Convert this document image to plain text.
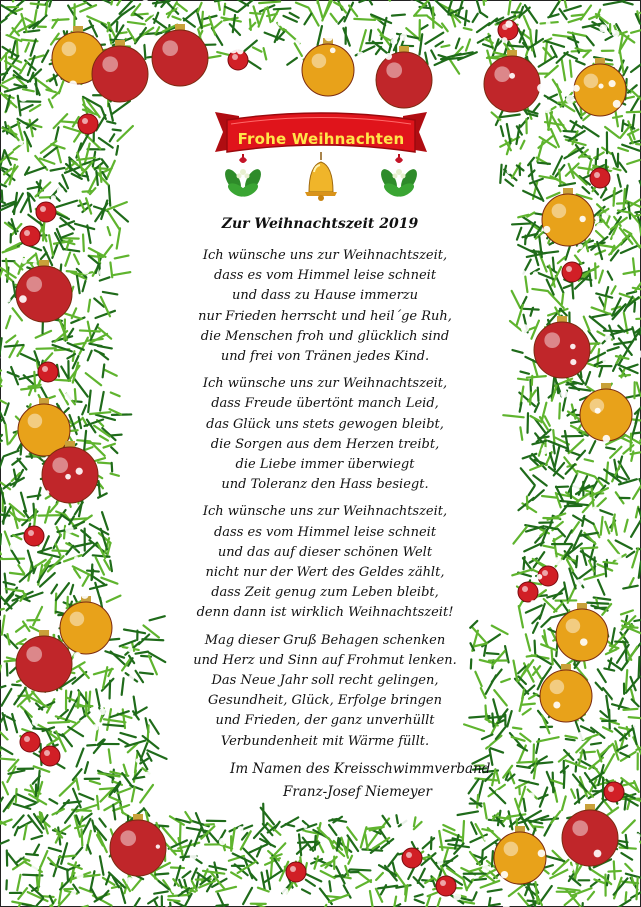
Frohe Weihnachten
Zur Weihnachtszeit 2019
Ich wünsche uns zur Weihnachtszeit,
dass es vom Himmel leise schneit
und dass zu Hause immerzu
nur Frieden herrscht und heil´ge Ruh,
die Menschen froh und glücklich sind
und frei von Tränen jedes Kind.
Ich wünsche uns zur Weihnachtszeit,
dass Freude übertönt manch Leid,
das Glück uns stets gewogen bleibt,
die Sorgen aus dem Herzen treibt,
die Liebe immer überwiegt
und Toleranz den Hass besiegt.
Ich wünsche uns zur Weihnachtszeit,
dass es vom Himmel leise schneit
und das auf dieser schönen Welt
nicht nur der Wert des Geldes zählt,
dass Zeit genug zum Leben bleibt,
denn dann ist wirklich Weihnachtszeit!
Mag dieser Gruß Behagen schenken
und Herz und Sinn auf Frohmut lenken.
Das Neue Jahr soll recht gelingen,
Gesundheit, Glück, Erfolge bringen
und Frieden, der ganz unverhüllt
Verbundenheit mit Wärme füllt.
Im Namen des Kreisschwimmverband
Franz-Josef Niemeyer
